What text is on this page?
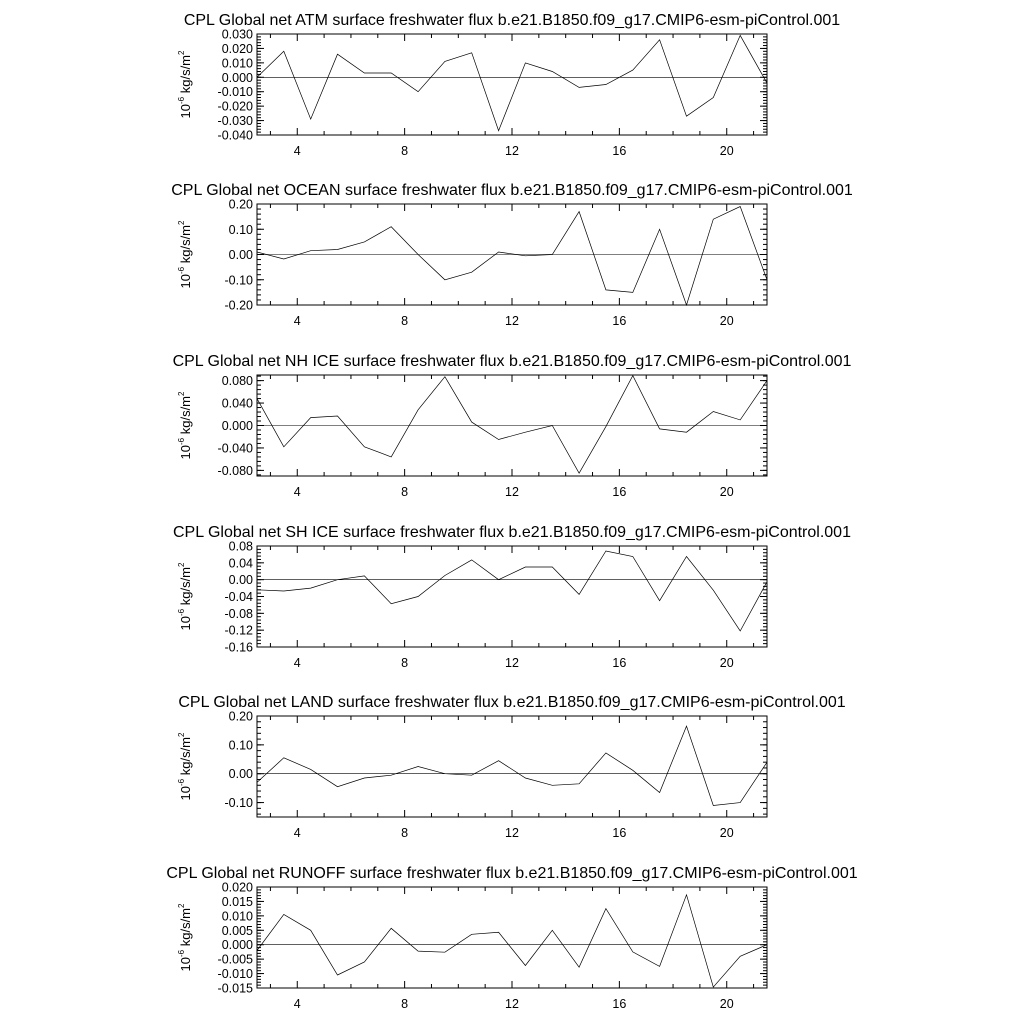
CPL Global net ATM surface freshwater flux b.e21.B1850.f09_g17.CMIP6-esm-piControl.001
4	8	12	16	20
0.030
0.020
0.010
0.000
-0.010
-0.020
-0.030
-0.040
$10^{-6}$ $kg/s/m^2$
CPL Global net OCEAN surface freshwater flux b.e21.B1850.f09_g17.CMIP6-esm-piControl.001
4	8	12	16	20
0.20
0.10
0.00
-0.10
-0.20
$10^{-6}$ $kg/s/m^2$
CPL Global net NH ICE surface freshwater flux b.e21.B1850.f09_g17.CMIP6-esm-piControl.001
4	8	12	16	20
0.080
0.040
0.000
-0.040
-0.080
$10^{-6}$ $kg/s/m^2$
CPL Global net SH ICE surface freshwater flux b.e21.B1850.f09_g17.CMIP6-esm-piControl.001
4	8	12	16	20
0.08
0.04
0.00
-0.04
-0.08
-0.12
-0.16
$10^{-6}$ $kg/s/m^2$
CPL Global net LAND surface freshwater flux b.e21.B1850.f09_g17.CMIP6-esm-piControl.001
4	8	12	16	20
0.20
0.10
0.00
-0.10
$10^{-6}$ $kg/s/m^2$
CPL Global net RUNOFF surface freshwater flux b.e21.B1850.f09_g17.CMIP6-esm-piControl.001
4	8	12	16	20
0.020
0.015
0.010
0.005
0.000
-0.005
-0.010
-0.015
$10^{-6}$ $kg/s/m^2$
